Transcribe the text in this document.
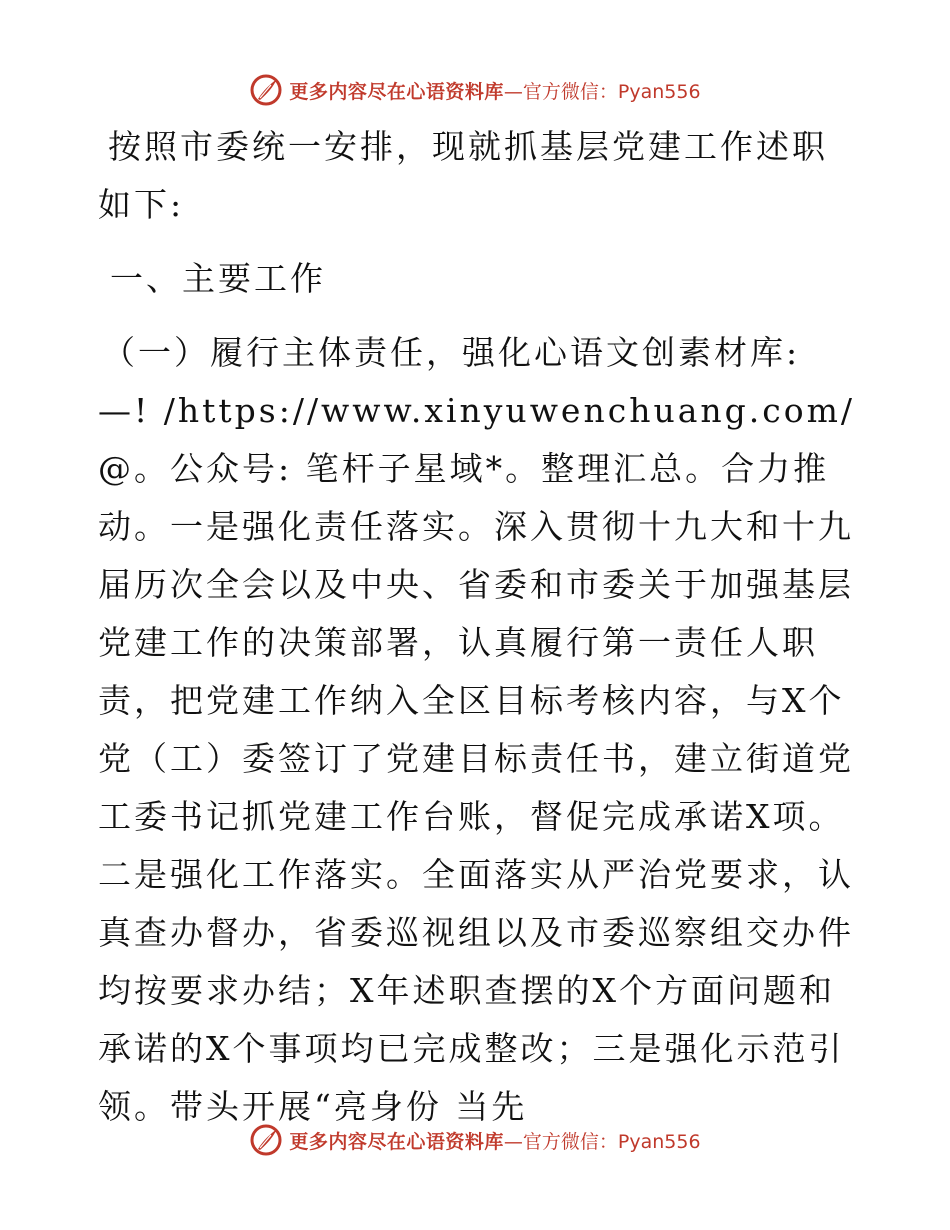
更多内容尽在心语资料库 —官方微信：Pyan556

按照市委统一安排，现就抓基层党建工作述职如下:

一、主要工作

（一）履行主体责任，强化心语文创素材库: —! /https://www.xinyuwenchuang.com/@。公众号: 笔杆子星域*。整理汇总。合力推动。一是强化责任落实。深入贯彻十九大和十九届历次全会以及中央、省委和市委关于加强基层党建工作的决策部署，认真履行第一责任人职责，把党建工作纳入全区目标考核内容，与X个党（工）委签订了党建目标责任书，建立街道党工委书记抓党建工作台账，督促完成承诺X项。二是强化工作落实。全面落实从严治党要求，认真查办督办，省委巡视组以及市委巡察组交办件均按要求办结；X年述职查摆的X个方面问题和承诺的X个事项均已完成整改；三是强化示范引领。带头开展“亮身份 当先

更多内容尽在心语资料库 —官方微信：Pyan556
